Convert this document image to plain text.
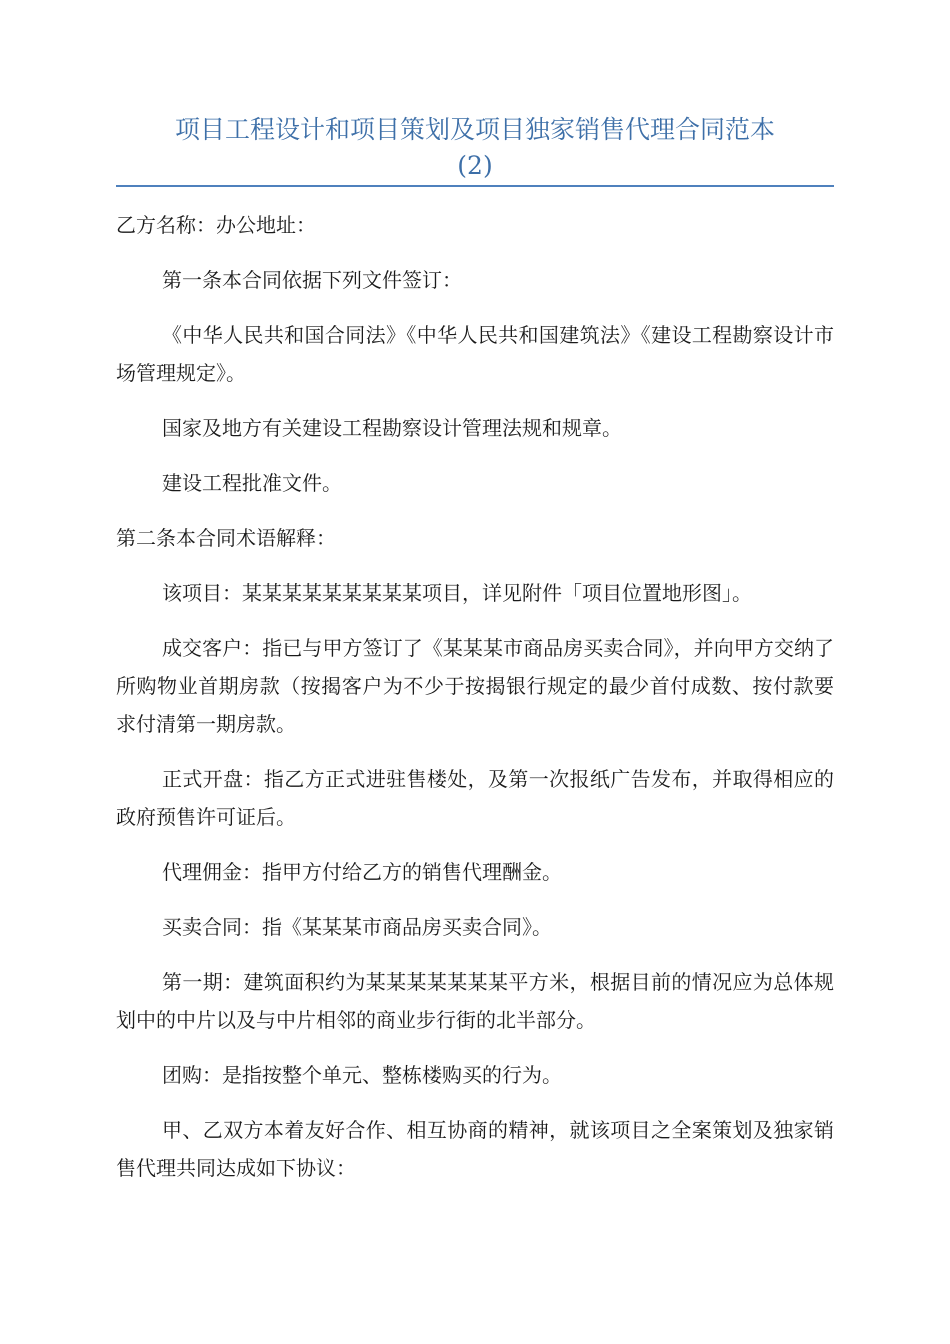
项目工程设计和项目策划及项目独家销售代理合同范本
(2)

乙方名称：办公地址：

第一条本合同依据下列文件签订：

《中华人民共和国合同法》《中华人民共和国建筑法》《建设工程勘察设计市场管理规定》。

国家及地方有关建设工程勘察设计管理法规和规章。

建设工程批准文件。

第二条本合同术语解释：

该项目：某某某某某某某某某项目，详见附件「项目位置地形图」。

成交客户：指已与甲方签订了《某某某市商品房买卖合同》，并向甲方交纳了所购物业首期房款（按揭客户为不少于按揭银行规定的最少首付成数、按付款要求付清第一期房款。

正式开盘：指乙方正式进驻售楼处，及第一次报纸广告发布，并取得相应的政府预售许可证后。

代理佣金：指甲方付给乙方的销售代理酬金。

买卖合同：指《某某某市商品房买卖合同》。

第一期：建筑面积约为某某某某某某某平方米，根据目前的情况应为总体规划中的中片以及与中片相邻的商业步行街的北半部分。

团购：是指按整个单元、整栋楼购买的行为。

甲、乙双方本着友好合作、相互协商的精神，就该项目之全案策划及独家销售代理共同达成如下协议：
